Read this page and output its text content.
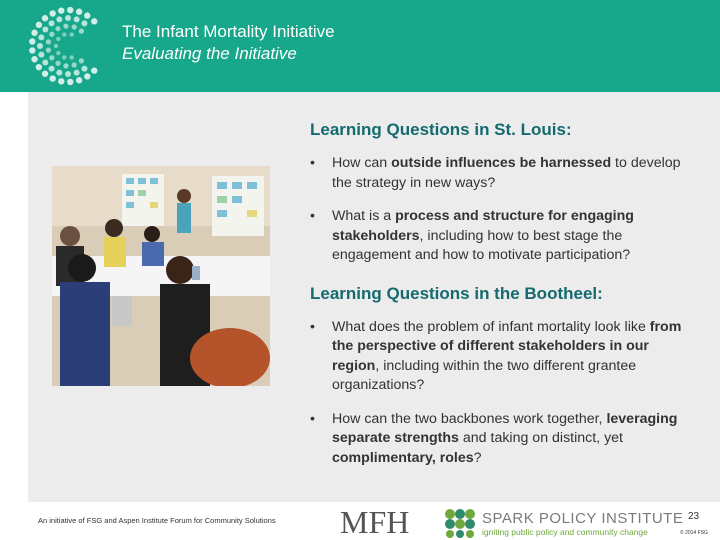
The Infant Mortality Initiative
Evaluating the Initiative
Learning Questions in St. Louis:
• How can outside influences be harnessed to develop the strategy in new ways?
• What is a process and structure for engaging stakeholders, including how to best stage the engagement and how to motivate participation?
Learning Questions in the Bootheel:
• What does the problem of infant mortality look like from the perspective of different stakeholders in our region, including within the two different grantee organizations?
• How can the two backbones work together, leveraging separate strengths and taking on distinct, yet complimentary, roles?
An initiative of FSG and Aspen Institute Forum for Community Solutions MFH	SPARK POLICY INSTITUTE
igniting public policy and community change
23
© 2014 FSG
